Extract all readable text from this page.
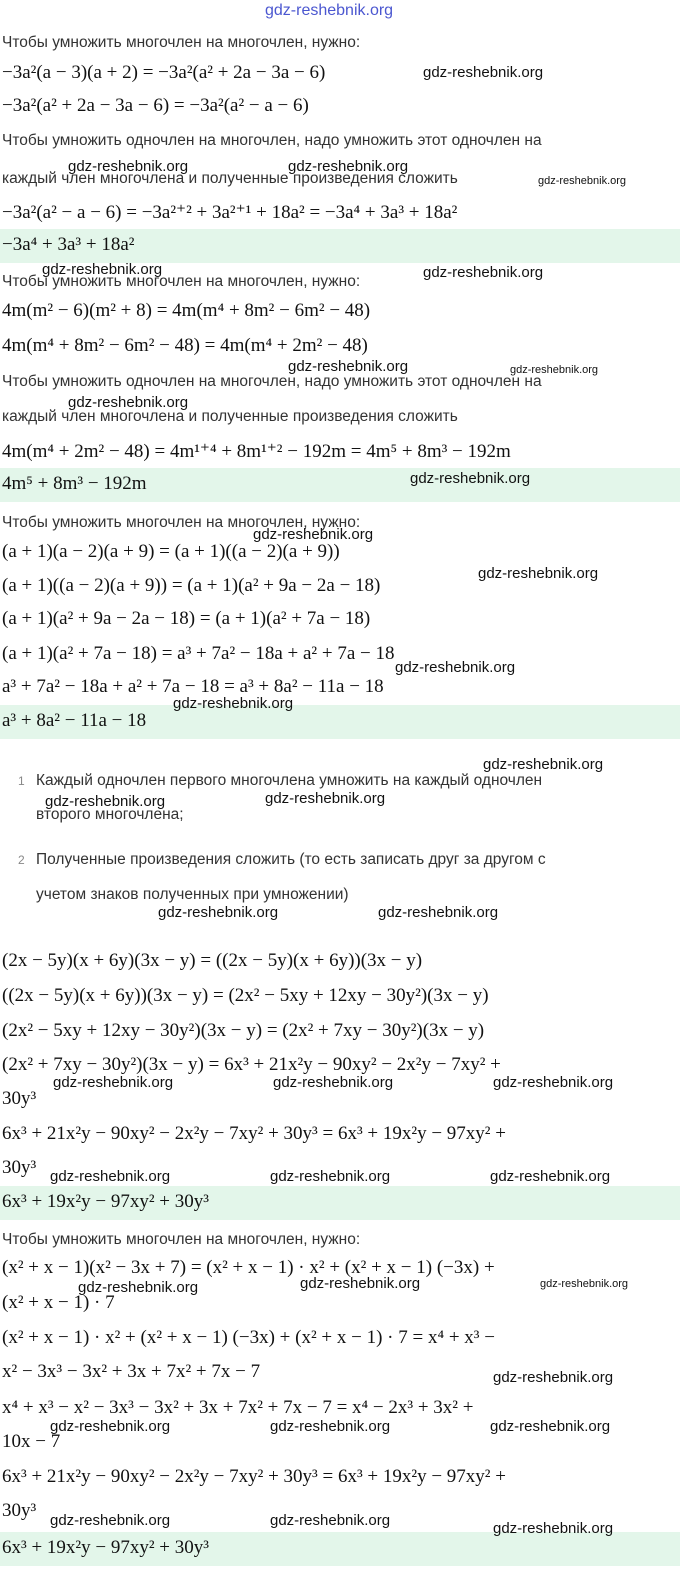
gdz-reshebnik.org
Чтобы умножить многочлен на многочлен, нужно:
−3a²(a − 3)(a + 2) = −3a²(a² + 2a − 3a − 6)
−3a²(a² + 2a − 3a − 6) = −3a²(a² − a − 6)
Чтобы умножить одночлен на многочлен, надо умножить этот одночлен на
каждый член многочлена и полученные произведения сложить
−3a²(a² − a − 6) = −3a²⁺² + 3a²⁺¹ + 18a² = −3a⁴ + 3a³ + 18a²
−3a⁴ + 3a³ + 18a²
Чтобы умножить многочлен на многочлен, нужно:
4m(m² − 6)(m² + 8) = 4m(m⁴ + 8m² − 6m² − 48)
4m(m⁴ + 8m² − 6m² − 48) = 4m(m⁴ + 2m² − 48)
Чтобы умножить одночлен на многочлен, надо умножить этот одночлен на
каждый член многочлена и полученные произведения сложить
4m(m⁴ + 2m² − 48) = 4m¹⁺⁴ + 8m¹⁺² − 192m = 4m⁵ + 8m³ − 192m
4m⁵ + 8m³ − 192m
Чтобы умножить многочлен на многочлен, нужно:
(a + 1)(a − 2)(a + 9) = (a + 1)((a − 2)(a + 9))
(a + 1)((a − 2)(a + 9)) = (a + 1)(a² + 9a − 2a − 18)
(a + 1)(a² + 9a − 2a − 18) = (a + 1)(a² + 7a − 18)
(a + 1)(a² + 7a − 18) = a³ + 7a² − 18a + a² + 7a − 18
a³ + 7a² − 18a + a² + 7a − 18 = a³ + 8a² − 11a − 18
a³ + 8a² − 11a − 18
1 Каждый одночлен первого многочлена умножить на каждый одночлен
второго многочлена;
2 Полученные произведения сложить (то есть записать друг за другом с
учетом знаков полученных при умножении)
(2x − 5y)(x + 6y)(3x − y) = ((2x − 5y)(x + 6y))(3x − y)
((2x − 5y)(x + 6y))(3x − y) = (2x² − 5xy + 12xy − 30y²)(3x − y)
(2x² − 5xy + 12xy − 30y²)(3x − y) = (2x² + 7xy − 30y²)(3x − y)
(2x² + 7xy − 30y²)(3x − y) = 6x³ + 21x²y − 90xy² − 2x²y − 7xy² +
30y³
6x³ + 21x²y − 90xy² − 2x²y − 7xy² + 30y³ = 6x³ + 19x²y − 97xy² +
30y³
6x³ + 19x²y − 97xy² + 30y³
Чтобы умножить многочлен на многочлен, нужно:
(x² + x − 1)(x² − 3x + 7) = (x² + x − 1) · x² + (x² + x − 1) (−3x) +
(x² + x − 1) · 7
(x² + x − 1) · x² + (x² + x − 1) (−3x) + (x² + x − 1) · 7 = x⁴ + x³ −
x² − 3x³ − 3x² + 3x + 7x² + 7x − 7
x⁴ + x³ − x² − 3x³ − 3x² + 3x + 7x² + 7x − 7 = x⁴ − 2x³ + 3x² +
10x − 7
6x³ + 21x²y − 90xy² − 2x²y − 7xy² + 30y³ = 6x³ + 19x²y − 97xy² +
30y³
6x³ + 19x²y − 97xy² + 30y³
gdz-reshebnik.org
gdz-reshebnik.org	gdz-reshebnik.org
gdz-reshebnik.org
gdz-reshebnik.org	gdz-reshebnik.org
gdz-reshebnik.org	gdz-reshebnik.org
gdz-reshebnik.org
gdz-reshebnik.org
gdz-reshebnik.org
gdz-reshebnik.org
gdz-reshebnik.org
gdz-reshebnik.org
gdz-reshebnik.org
gdz-reshebnik.org	gdz-reshebnik.org
gdz-reshebnik.org	gdz-reshebnik.org
gdz-reshebnik.org	gdz-reshebnik.org	gdz-reshebnik.org
gdz-reshebnik.org	gdz-reshebnik.org	gdz-reshebnik.org
gdz-reshebnik.org	gdz-reshebnik.org	gdz-reshebnik.org
gdz-reshebnik.org
gdz-reshebnik.org	gdz-reshebnik.org	gdz-reshebnik.org
gdz-reshebnik.org
gdz-reshebnik.org	gdz-reshebnik.org
